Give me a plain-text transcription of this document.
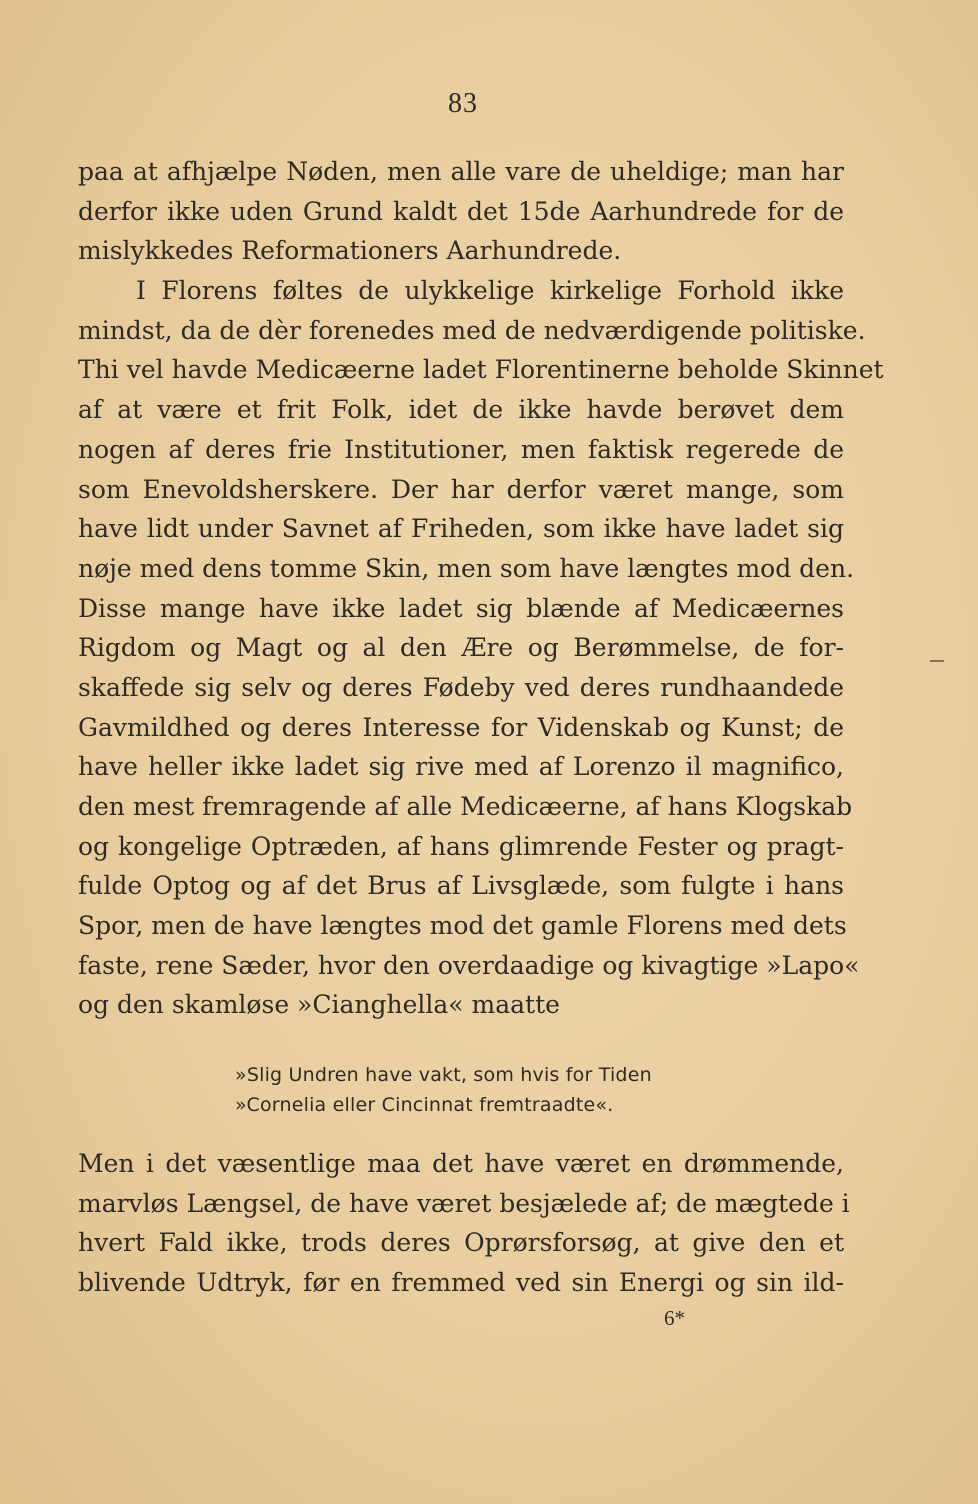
83
paa at afhjælpe Nøden, men alle vare de uheldige; man har
derfor ikke uden Grund kaldt det 15de Aarhundrede for de
mislykkedes Reformationers Aarhundrede.
I Florens føltes de ulykkelige kirkelige Forhold ikke
mindst, da de dèr forenedes med de nedværdigende politiske.
Thi vel havde Medicæerne ladet Florentinerne beholde Skinnet
af at være et frit Folk, idet de ikke havde berøvet dem
nogen af deres frie Institutioner, men faktisk regerede de
som Enevoldsherskere. Der har derfor været mange, som
have lidt under Savnet af Friheden, som ikke have ladet sig
nøje med dens tomme Skin, men som have længtes mod den.
Disse mange have ikke ladet sig blænde af Medicæernes
Rigdom og Magt og al den Ære og Berømmelse, de for-
skaffede sig selv og deres Fødeby ved deres rundhaandede
Gavmildhed og deres Interesse for Videnskab og Kunst; de
have heller ikke ladet sig rive med af Lorenzo il magnifico,
den mest fremragende af alle Medicæerne, af hans Klogskab
og kongelige Optræden, af hans glimrende Fester og pragt-
fulde Optog og af det Brus af Livsglæde, som fulgte i hans
Spor, men de have længtes mod det gamle Florens med dets
faste, rene Sæder, hvor den overdaadige og kivagtige »Lapo«
og den skamløse »Cianghella« maatte
»Slig Undren have vakt, som hvis for Tiden
»Cornelia eller Cincinnat fremtraadte«.
Men i det væsentlige maa det have været en drømmende,
marvløs Længsel, de have været besjælede af; de mægtede i
hvert Fald ikke, trods deres Oprørsforsøg, at give den et
blivende Udtryk, før en fremmed ved sin Energi og sin ild-
6*
